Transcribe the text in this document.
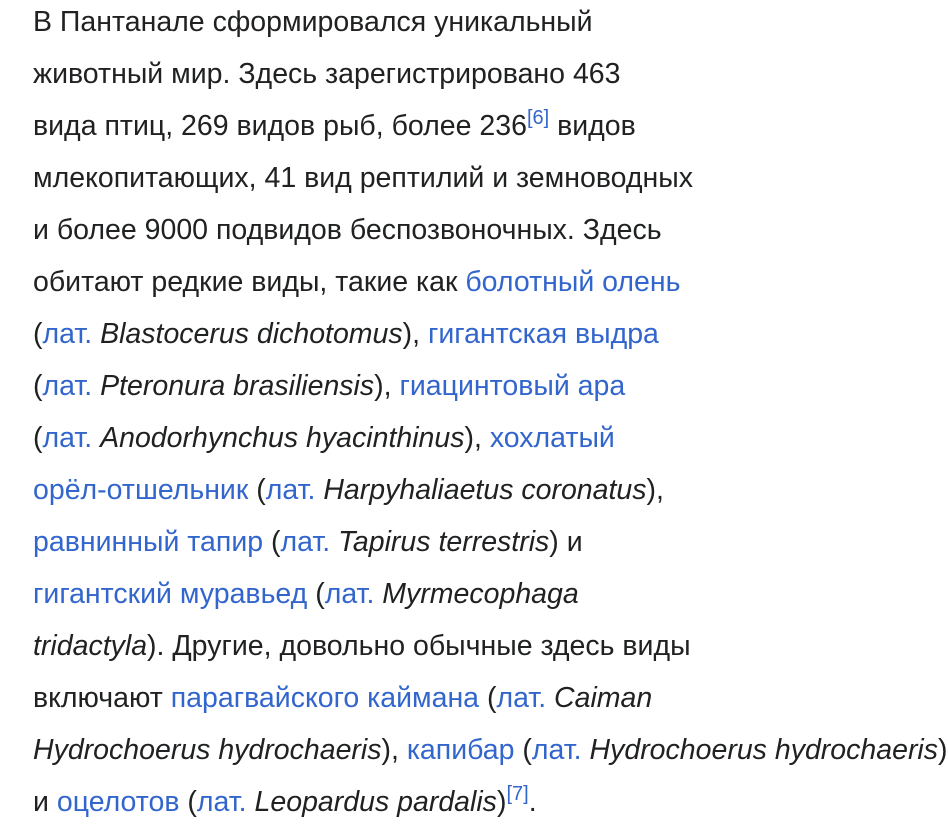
В Пантанале сформировался уникальный
животный мир. Здесь зарегистрировано 463
вида птиц, 269 видов рыб, более 236[6] видов
млекопитающих, 41 вид рептилий и земноводных
и более 9000 подвидов беспозвоночных. Здесь
обитают редкие виды, такие как болотный олень
(лат. Blastocerus dichotomus), гигантская выдра
(лат. Pteronura brasiliensis), гиацинтовый ара
(лат. Anodorhynchus hyacinthinus), хохлатый
орёл-отшельник (лат. Harpyhaliaetus coronatus),
равнинный тапир (лат. Tapirus terrestris) и
гигантский муравьед (лат. Myrmecophaga
tridactyla). Другие, довольно обычные здесь виды
включают парагвайского каймана (лат. Caiman
Hydrochoerus hydrochaeris), капибар (лат. Hydrochoerus hydrochaeris)
и оцелотов (лат. Leopardus pardalis)[7].
